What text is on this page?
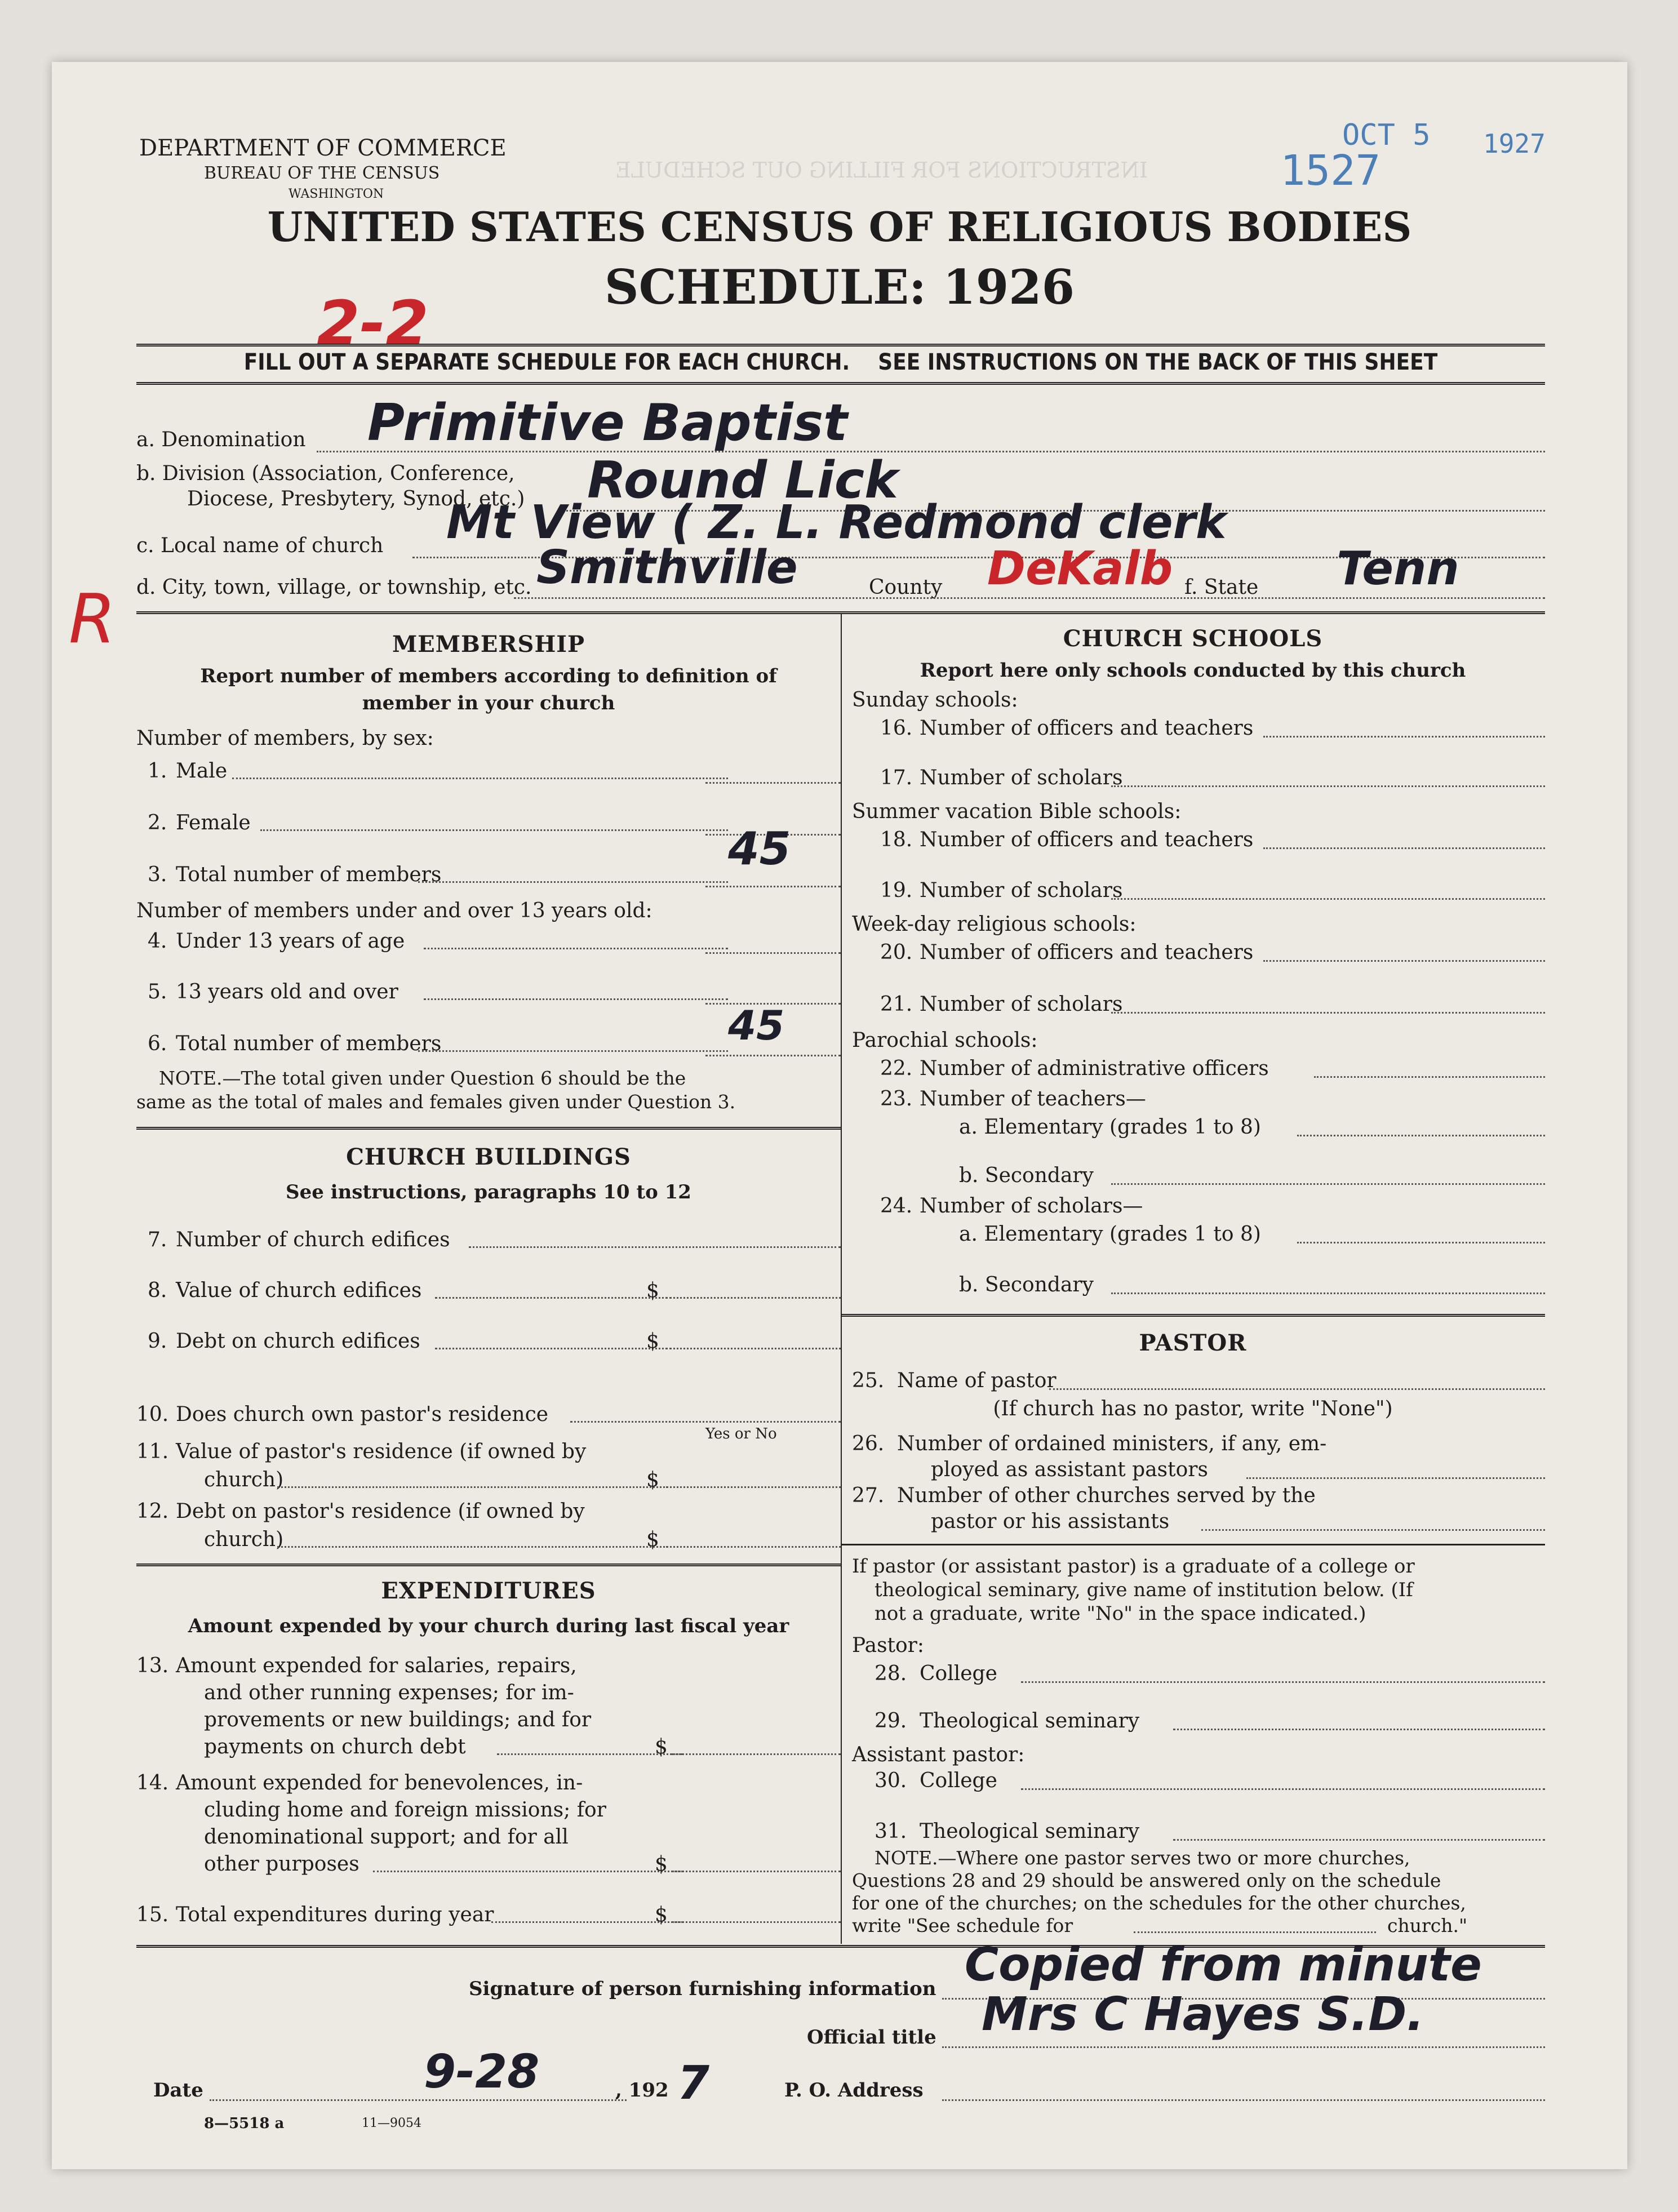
INSTRUCTIONS FOR FILLING OUT SCHEDULE
DEPARTMENT OF COMMERCE
BUREAU OF THE CENSUS
WASHINGTON
UNITED STATES CENSUS OF RELIGIOUS BODIES
SCHEDULE: 1926
OCT 5 1927
1527
2-2
R
FILL OUT A SEPARATE SCHEDULE FOR EACH CHURCH.    SEE INSTRUCTIONS ON THE BACK OF THIS SHEET
a. Denomination Primitive Baptist
b. Division (Association, Conference,
Diocese, Presbytery, Synod, etc.) Round Lick
c. Local name of church Mt View ( Z. L. Redmond clerk
d. City, town, village, or township, etc. Smithville	County DeKalb f. State Tenn
MEMBERSHIP
Report number of members according to definition of
member in your church
Number of members, by sex:
1. Male
2. Female
3. Total number of members	45
Number of members under and over 13 years old:
4. Under 13 years of age
5. 13 years old and over
6. Total number of members	45
NOTE.—The total given under Question 6 should be the
same as the total of males and females given under Question 3.
CHURCH BUILDINGS
See instructions, paragraphs 10 to 12
7. Number of church edifices
8. Value of church edifices	$
9. Debt on church edifices	$
10. Does church own pastor's residence
Yes or No
11. Value of pastor's residence (if owned by
church)	$
12. Debt on pastor's residence (if owned by
church)	$
EXPENDITURES
Amount expended by your church during last fiscal year
13. Amount expended for salaries, repairs,
and other running expenses; for im-
provements or new buildings; and for
payments on church debt	$
14. Amount expended for benevolences, in-
cluding home and foreign missions; for
denominational support; and for all
other purposes	$
15. Total expenditures during year	$
CHURCH SCHOOLS
Report here only schools conducted by this church
Sunday schools:
16. Number of officers and teachers
17. Number of scholars
Summer vacation Bible schools:
18. Number of officers and teachers
19. Number of scholars
Week-day religious schools:
20. Number of officers and teachers
21. Number of scholars
Parochial schools:
22. Number of administrative officers
23. Number of teachers—
a. Elementary (grades 1 to 8)
b. Secondary
24. Number of scholars—
a. Elementary (grades 1 to 8)
b. Secondary
PASTOR
25. Name of pastor
(If church has no pastor, write "None")
26. Number of ordained ministers, if any, em-
ployed as assistant pastors
27. Number of other churches served by the
pastor or his assistants
If pastor (or assistant pastor) is a graduate of a college or
theological seminary, give name of institution below. (If
not a graduate, write "No" in the space indicated.)
Pastor:
28. College
29. Theological seminary
Assistant pastor:
30. College
31. Theological seminary
NOTE.—Where one pastor serves two or more churches,
Questions 28 and 29 should be answered only on the schedule
for one of the churches; on the schedules for the other churches,
write "See schedule for	church."
Signature of person furnishing information Copied from minute
Official title Mrs C Hayes S.D.
Date	9-28	, 192 7	P. O. Address
8—5518 a	11—9054
